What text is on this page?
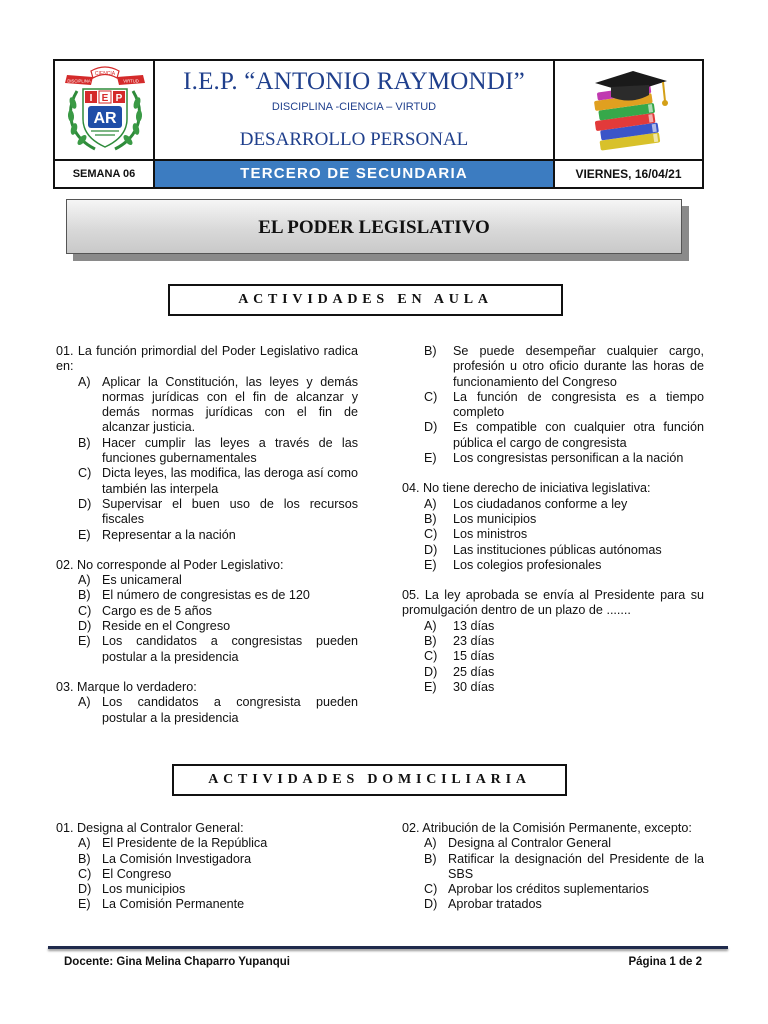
CIENCIA
DISCIPLINA	VIRTUD
I E P
AR
I.E.P. “ANTONIO RAYMONDI”
DISCIPLINA -CIENCIA – VIRTUD
DESARROLLO PERSONAL
SEMANA 06	TERCERO DE SECUNDARIA	VIERNES, 16/04/21
EL PODER LEGISLATIVO
ACTIVIDADES EN AULA
01. La función primordial del Poder Legislativo radica en:
A) Aplicar la Constitución, las leyes y demás normas jurídicas con el fin de alcanzar y demás normas jurídicas con el fin de alcanzar justicia.
B) Hacer cumplir las leyes a través de las funciones gubernamentales
C) Dicta leyes, las modifica, las deroga así como también las interpela
D) Supervisar el buen uso de los recursos fiscales
E) Representar a la nación
02. No corresponde al Poder Legislativo:
A) Es unicameral
B) El número de congresistas es de 120
C) Cargo es de 5 años
D) Reside en el Congreso
E) Los candidatos a congresistas pueden postular a la presidencia
03. Marque lo verdadero:
A) Los candidatos a congresista pueden postular a la presidencia
B) Se puede desempeñar cualquier cargo, profesión u otro oficio durante las horas de funcionamiento del Congreso
C) La función de congresista es a tiempo completo
D) Es compatible con cualquier otra función pública el cargo de congresista
E) Los congresistas personifican a la nación
04. No tiene derecho de iniciativa legislativa:
A) Los ciudadanos conforme a ley
B) Los municipios
C) Los ministros
D) Las instituciones públicas autónomas
E) Los colegios profesionales
05. La ley aprobada se envía al Presidente para su promulgación dentro de un plazo de .......
A) 13 días
B) 23 días
C) 15 días
D) 25 días
E) 30 días
ACTIVIDADES DOMICILIARIA
01. Designa al Contralor General:
A) El Presidente de la República
B) La Comisión Investigadora
C) El Congreso
D) Los municipios
E) La Comisión Permanente
02. Atribución de la Comisión Permanente, excepto:
A) Designa al Contralor General
B) Ratificar la designación del Presidente de la SBS
C) Aprobar los créditos suplementarios
D) Aprobar tratados
Docente: Gina Melina Chaparro Yupanqui	Página 1 de 2
